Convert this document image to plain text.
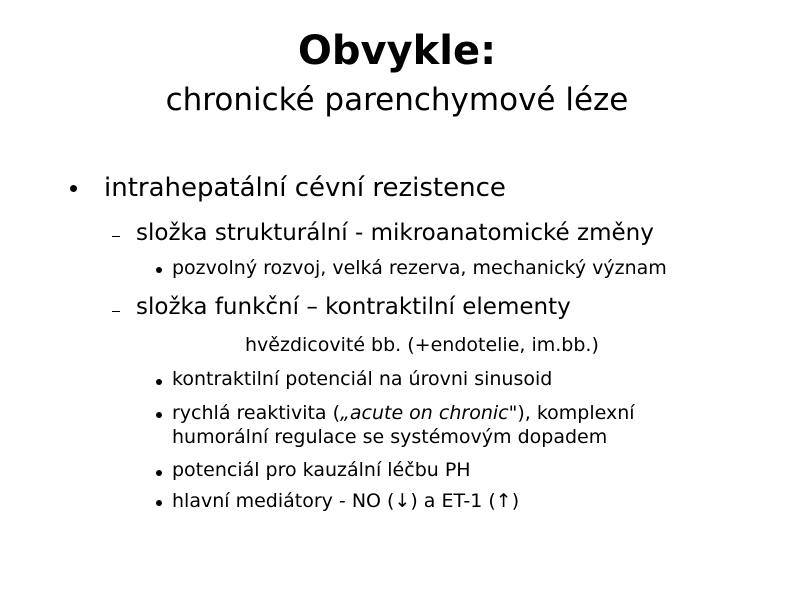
Obvykle:
chronické parenchymové léze
intrahepatální cévní rezistence
složka strukturální - mikroanatomické změny
pozvolný rozvoj, velká rezerva, mechanický význam
složka funkční – kontraktilní elementy
hvězdicovité bb. (+endotelie, im.bb.)
kontraktilní potenciál na úrovni sinusoid
rychlá reaktivita („acute on chronic"), komplexní
humorální regulace se systémovým dopadem
potenciál pro kauzální léčbu PH
hlavní mediátory - NO (↓) a ET-1 (↑)
